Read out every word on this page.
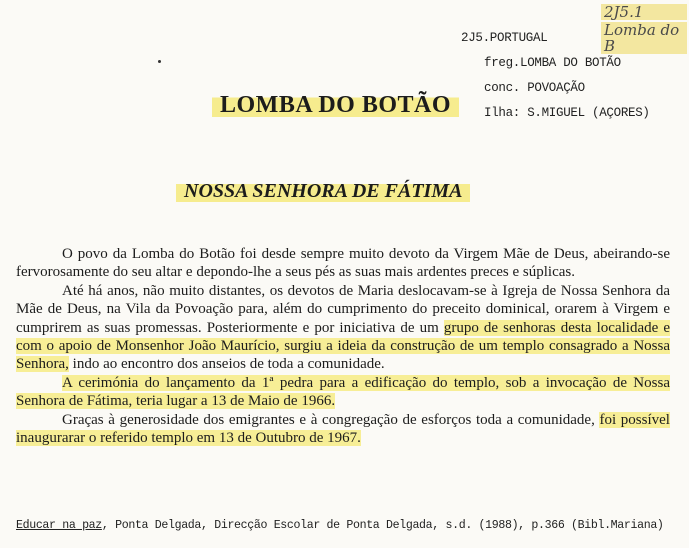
2J5.1
Lomba do B
2J5.PORTUGAL
freg.LOMBA DO BOTÃO
conc. POVOAÇÃO
Ilha: S.MIGUEL (AÇORES)
LOMBA DO BOTÃO
NOSSA SENHORA DE FÁTIMA

O povo da Lomba do Botão foi desde sempre muito devoto da Virgem Mãe de Deus, abeirando-se fervorosamente do seu altar e depondo-lhe a seus pés as suas mais ardentes preces e súplicas.

Até há anos, não muito distantes, os devotos de Maria deslocavam-se à Igreja de Nossa Senhora da Mãe de Deus, na Vila da Povoação para, além do cumprimento do preceito dominical, orarem à Virgem e cumprirem as suas promessas. Posteriormente e por iniciativa de um grupo de senhoras desta localidade e com o apoio de Monsenhor João Maurício, surgiu a ideia da construção de um templo consagrado a Nossa Senhora, indo ao encontro dos anseios de toda a comunidade.

A cerimónia do lançamento da 1ª pedra para a edificação do templo, sob a invocação de Nossa Senhora de Fátima, teria lugar a 13 de Maio de 1966.

Graças à generosidade dos emigrantes e à congregação de esforços toda a comunidade, foi possível inaugurarar o referido templo em 13 de Outubro de 1967.

Educar na paz, Ponta Delgada, Direcção Escolar de Ponta Delgada, s.d. (1988), p.366 (Bibl.Mariana)
